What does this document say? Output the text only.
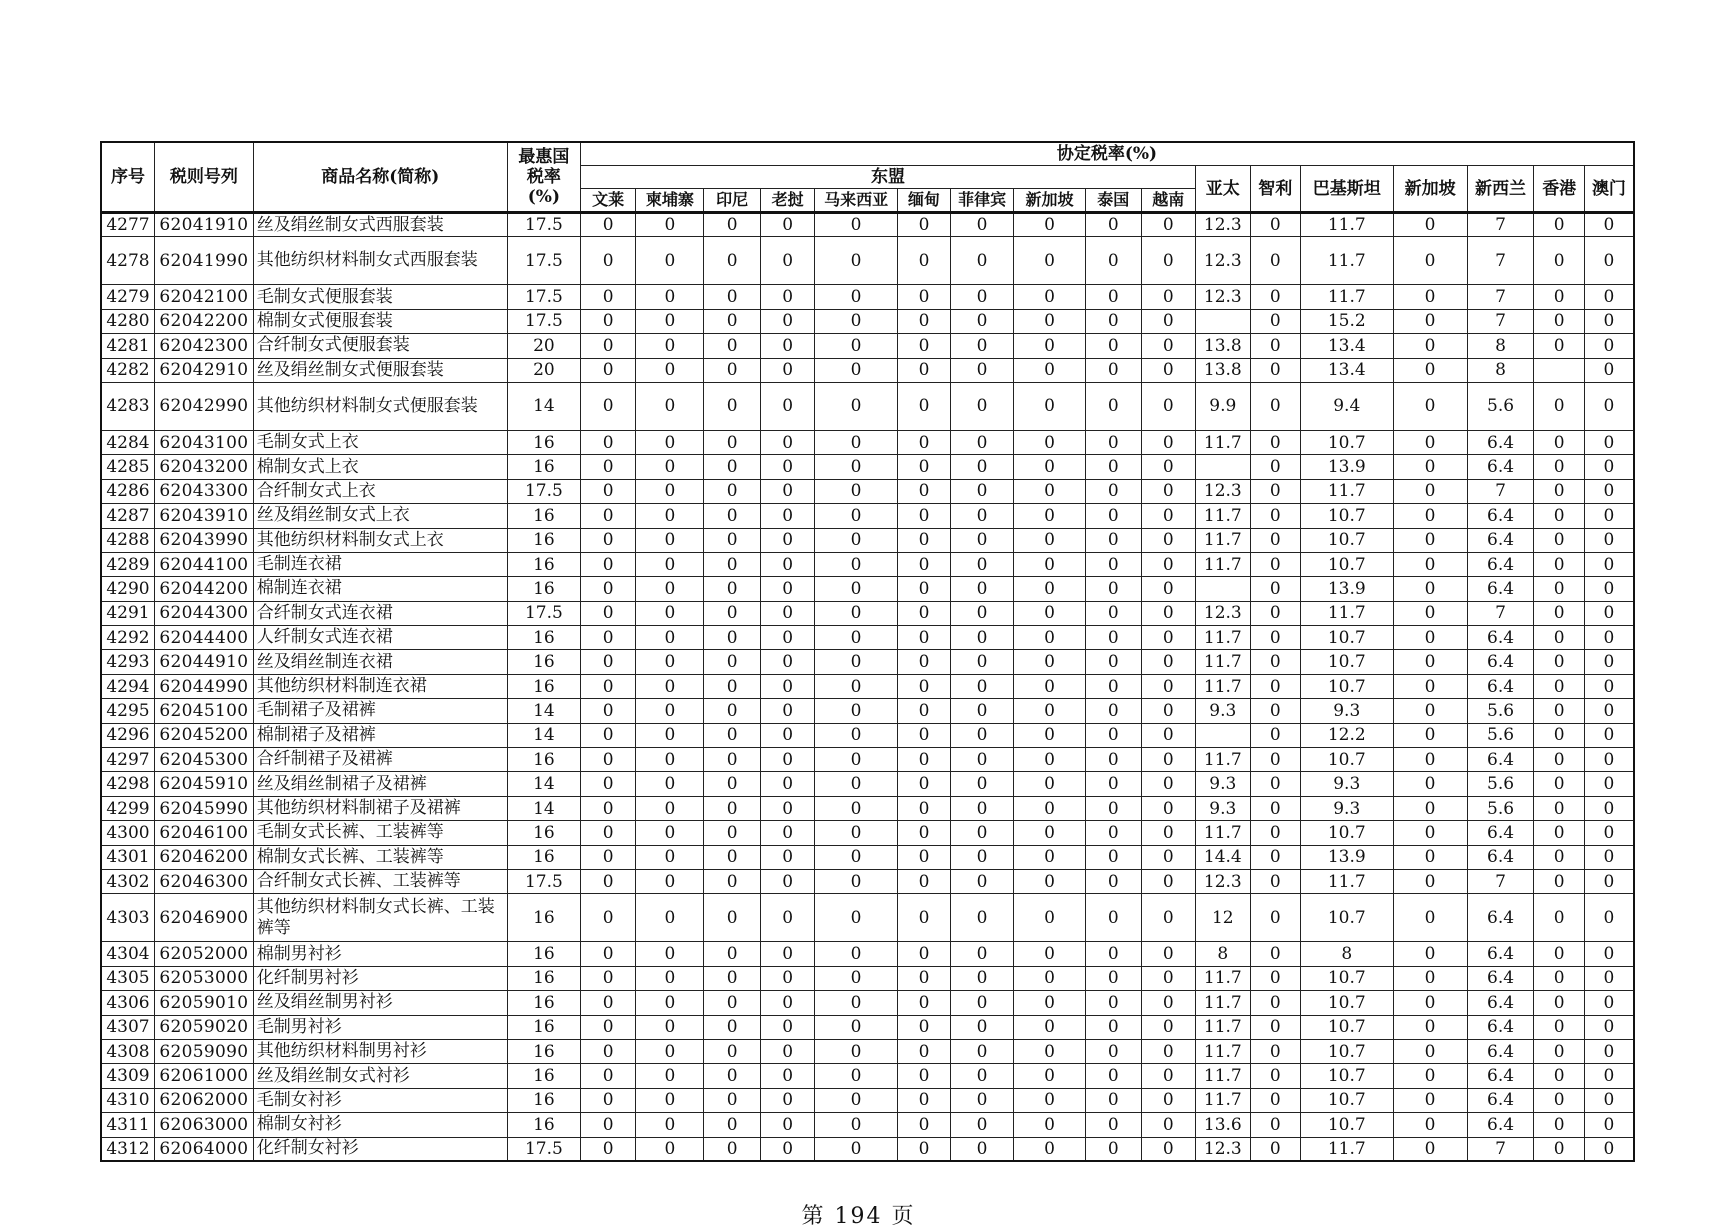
序号	税则号列	商品名称(简称)	最惠国
税率
(%)	协定税率(%)																
				东盟										亚太	智利	巴基斯坦	新加坡	新西兰	香港	澳门
				文莱	柬埔寨	印尼	老挝	马来西亚	缅甸	菲律宾	新加坡	泰国	越南							
4277	62041910	丝及绢丝制女式西服套装	17.5	0	0	0	0	0	0	0	0	0	0	12.3	0	11.7	0	7	0	0
4278	62041990	其他纺织材料制女式西服套装	17.5	0	0	0	0	0	0	0	0	0	0	12.3	0	11.7	0	7	0	0
4279	62042100	毛制女式便服套装	17.5	0	0	0	0	0	0	0	0	0	0	12.3	0	11.7	0	7	0	0
4280	62042200	棉制女式便服套装	17.5	0	0	0	0	0	0	0	0	0	0		0	15.2	0	7	0	0
4281	62042300	合纤制女式便服套装	20	0	0	0	0	0	0	0	0	0	0	13.8	0	13.4	0	8	0	0
4282	62042910	丝及绢丝制女式便服套装	20	0	0	0	0	0	0	0	0	0	0	13.8	0	13.4	0	8		0
4283	62042990	其他纺织材料制女式便服套装	14	0	0	0	0	0	0	0	0	0	0	9.9	0	9.4	0	5.6	0	0
4284	62043100	毛制女式上衣	16	0	0	0	0	0	0	0	0	0	0	11.7	0	10.7	0	6.4	0	0
4285	62043200	棉制女式上衣	16	0	0	0	0	0	0	0	0	0	0		0	13.9	0	6.4	0	0
4286	62043300	合纤制女式上衣	17.5	0	0	0	0	0	0	0	0	0	0	12.3	0	11.7	0	7	0	0
4287	62043910	丝及绢丝制女式上衣	16	0	0	0	0	0	0	0	0	0	0	11.7	0	10.7	0	6.4	0	0
4288	62043990	其他纺织材料制女式上衣	16	0	0	0	0	0	0	0	0	0	0	11.7	0	10.7	0	6.4	0	0
4289	62044100	毛制连衣裙	16	0	0	0	0	0	0	0	0	0	0	11.7	0	10.7	0	6.4	0	0
4290	62044200	棉制连衣裙	16	0	0	0	0	0	0	0	0	0	0		0	13.9	0	6.4	0	0
4291	62044300	合纤制女式连衣裙	17.5	0	0	0	0	0	0	0	0	0	0	12.3	0	11.7	0	7	0	0
4292	62044400	人纤制女式连衣裙	16	0	0	0	0	0	0	0	0	0	0	11.7	0	10.7	0	6.4	0	0
4293	62044910	丝及绢丝制连衣裙	16	0	0	0	0	0	0	0	0	0	0	11.7	0	10.7	0	6.4	0	0
4294	62044990	其他纺织材料制连衣裙	16	0	0	0	0	0	0	0	0	0	0	11.7	0	10.7	0	6.4	0	0
4295	62045100	毛制裙子及裙裤	14	0	0	0	0	0	0	0	0	0	0	9.3	0	9.3	0	5.6	0	0
4296	62045200	棉制裙子及裙裤	14	0	0	0	0	0	0	0	0	0	0		0	12.2	0	5.6	0	0
4297	62045300	合纤制裙子及裙裤	16	0	0	0	0	0	0	0	0	0	0	11.7	0	10.7	0	6.4	0	0
4298	62045910	丝及绢丝制裙子及裙裤	14	0	0	0	0	0	0	0	0	0	0	9.3	0	9.3	0	5.6	0	0
4299	62045990	其他纺织材料制裙子及裙裤	14	0	0	0	0	0	0	0	0	0	0	9.3	0	9.3	0	5.6	0	0
4300	62046100	毛制女式长裤、工装裤等	16	0	0	0	0	0	0	0	0	0	0	11.7	0	10.7	0	6.4	0	0
4301	62046200	棉制女式长裤、工装裤等	16	0	0	0	0	0	0	0	0	0	0	14.4	0	13.9	0	6.4	0	0
4302	62046300	合纤制女式长裤、工装裤等	17.5	0	0	0	0	0	0	0	0	0	0	12.3	0	11.7	0	7	0	0
4303	62046900	其他纺织材料制女式长裤、工装裤等	16	0	0	0	0	0	0	0	0	0	0	12	0	10.7	0	6.4	0	0
4304	62052000	棉制男衬衫	16	0	0	0	0	0	0	0	0	0	0	8	0	8	0	6.4	0	0
4305	62053000	化纤制男衬衫	16	0	0	0	0	0	0	0	0	0	0	11.7	0	10.7	0	6.4	0	0
4306	62059010	丝及绢丝制男衬衫	16	0	0	0	0	0	0	0	0	0	0	11.7	0	10.7	0	6.4	0	0
4307	62059020	毛制男衬衫	16	0	0	0	0	0	0	0	0	0	0	11.7	0	10.7	0	6.4	0	0
4308	62059090	其他纺织材料制男衬衫	16	0	0	0	0	0	0	0	0	0	0	11.7	0	10.7	0	6.4	0	0
4309	62061000	丝及绢丝制女式衬衫	16	0	0	0	0	0	0	0	0	0	0	11.7	0	10.7	0	6.4	0	0
4310	62062000	毛制女衬衫	16	0	0	0	0	0	0	0	0	0	0	11.7	0	10.7	0	6.4	0	0
4311	62063000	棉制女衬衫	16	0	0	0	0	0	0	0	0	0	0	13.6	0	10.7	0	6.4	0	0
4312	62064000	化纤制女衬衫	17.5	0	0	0	0	0	0	0	0	0	0	12.3	0	11.7	0	7	0	0
第 194 页
